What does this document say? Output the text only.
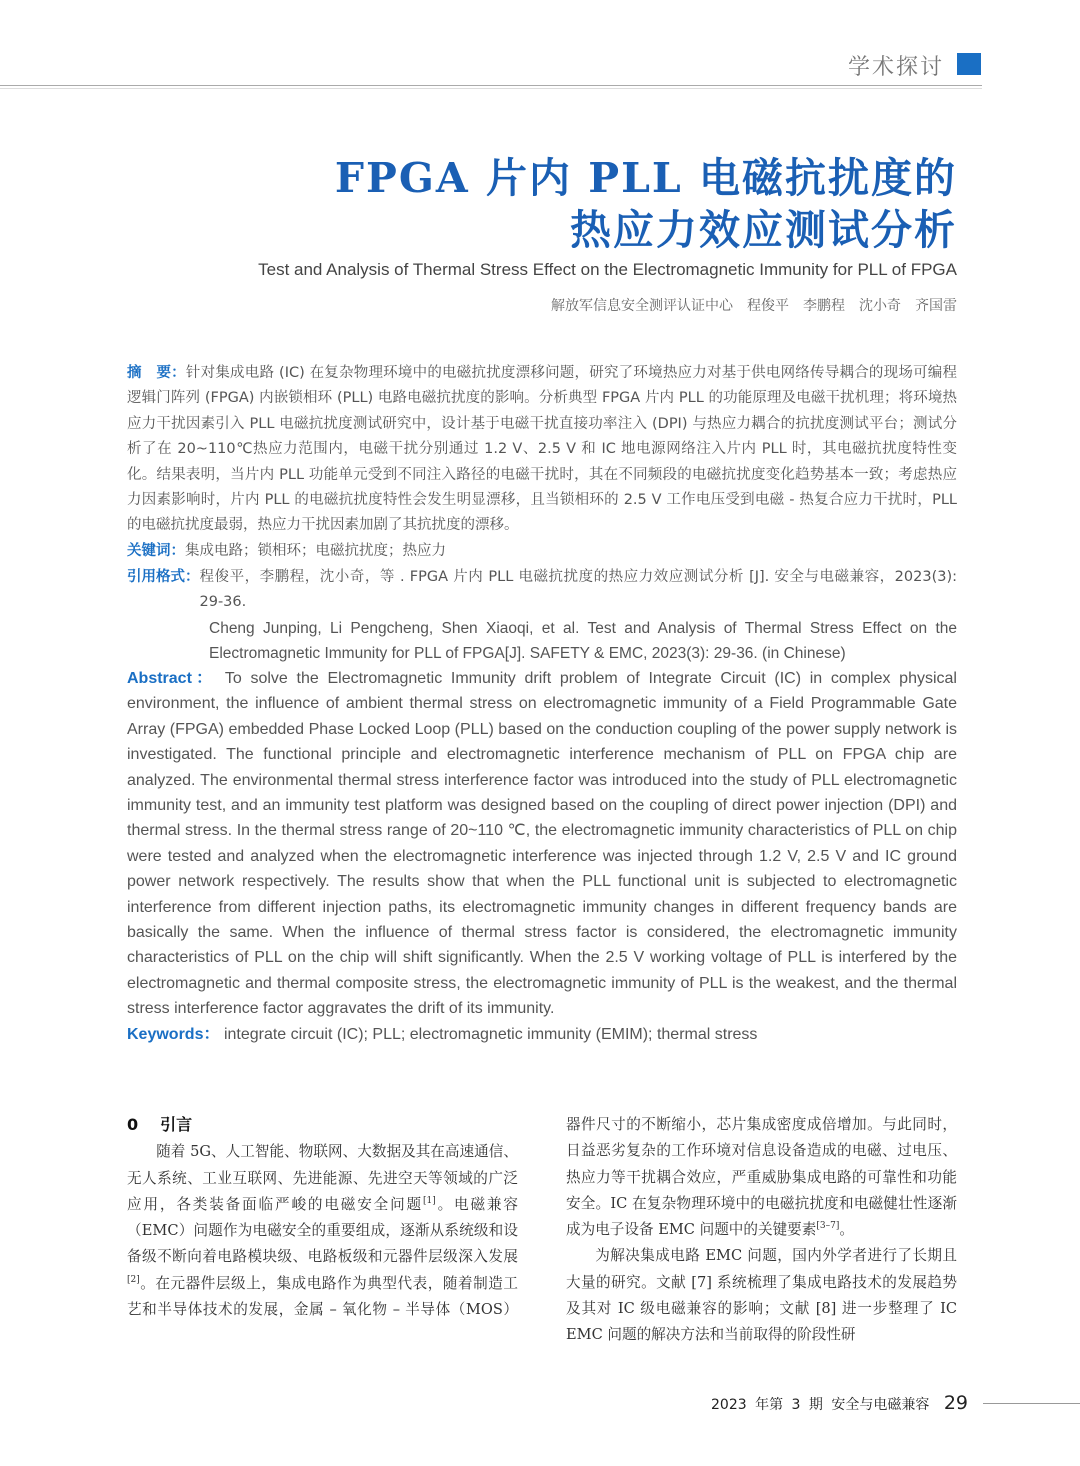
学术探讨
FPGA 片内 PLL 电磁抗扰度的
热应力效应测试分析
Test and Analysis of Thermal Stress Effect on the Electromagnetic Immunity for PLL of FPGA
解放军信息安全测评认证中心　程俊平　李鹏程　沈小奇　齐国雷
摘　要：针对集成电路 (IC) 在复杂物理环境中的电磁抗扰度漂移问题，研究了环境热应力对基于供电网络传导耦合的现场可编程逻辑门阵列 (FPGA) 内嵌锁相环 (PLL) 电路电磁抗扰度的影响。分析典型 FPGA 片内 PLL 的功能原理及电磁干扰机理；将环境热应力干扰因素引入 PLL 电磁抗扰度测试研究中，设计基于电磁干扰直接功率注入 (DPI) 与热应力耦合的抗扰度测试平台；测试分析了在 20~110℃热应力范围内，电磁干扰分别通过 1.2 V、2.5 V 和 IC 地电源网络注入片内 PLL 时，其电磁抗扰度特性变化。结果表明，当片内 PLL 功能单元受到不同注入路径的电磁干扰时，其在不同频段的电磁抗扰度变化趋势基本一致；考虑热应力因素影响时，片内 PLL 的电磁抗扰度特性会发生明显漂移，且当锁相环的 2.5 V 工作电压受到电磁 - 热复合应力干扰时，PLL 的电磁抗扰度最弱，热应力干扰因素加剧了其抗扰度的漂移。
关键词：集成电路；锁相环；电磁抗扰度；热应力
引用格式： 程俊平，李鹏程，沈小奇，等 . FPGA 片内 PLL 电磁抗扰度的热应力效应测试分析 [J]. 安全与电磁兼容，2023(3): 29-36.
Cheng Junping, Li Pengcheng, Shen Xiaoqi, et al. Test and Analysis of Thermal Stress Effect on the Electromagnetic Immunity for PLL of FPGA[J]. SAFETY & EMC, 2023(3): 29-36. (in Chinese)
Abstract： To solve the Electromagnetic Immunity drift problem of Integrate Circuit (IC) in complex physical environment, the influence of ambient thermal stress on electromagnetic immunity of a Field Programmable Gate Array (FPGA) embedded Phase Locked Loop (PLL) based on the conduction coupling of the power supply network is investigated. The functional principle and electromagnetic interference mechanism of PLL on FPGA chip are analyzed. The environmental thermal stress interference factor was introduced into the study of PLL electromagnetic immunity test, and an immunity test platform was designed based on the coupling of direct power injection (DPI) and thermal stress. In the thermal stress range of 20~110 ℃, the electromagnetic immunity characteristics of PLL on chip were tested and analyzed when the electromagnetic interference was injected through 1.2 V, 2.5 V and IC ground power network respectively. The results show that when the PLL functional unit is subjected to electromagnetic interference from different injection paths, its electromagnetic immunity changes in different frequency bands are basically the same. When the influence of thermal stress factor is considered, the electromagnetic immunity characteristics of PLL on the chip will shift significantly. When the 2.5 V working voltage of PLL is interfered by the electromagnetic and thermal composite stress, the electromagnetic immunity of PLL is the weakest, and the thermal stress interference factor aggravates the drift of its immunity.
Keywords： integrate circuit (IC); PLL; electromagnetic immunity (EMIM); thermal stress
0 引言

随着 5G、人工智能、物联网、大数据及其在高速通信、无人系统、工业互联网、先进能源、先进空天等领域的广泛应用，各类装备面临严峻的电磁安全问题[1]。电磁兼容（EMC）问题作为电磁安全的重要组成，逐渐从系统级和设备级不断向着电路模块级、电路板级和元器件层级深入发展[2]。在元器件层级上，集成电路作为典型代表，随着制造工艺和半导体技术的发展，金属 – 氧化物 – 半导体（MOS）器件尺寸的不断缩小，芯片集成密度成倍增加。与此同时，日益恶劣复杂的工作环境对信息设备造成的电磁、过电压、热应力等干扰耦合效应，严重威胁集成电路的可靠性和功能安全。IC 在复杂物理环境中的电磁抗扰度和电磁健壮性逐渐成为电子设备 EMC 问题中的关键要素[3–7]。

为解决集成电路 EMC 问题，国内外学者进行了长期且大量的研究。文献 [7] 系统梳理了集成电路技术的发展趋势及其对 IC 级电磁兼容的影响；文献 [8] 进一步整理了 IC EMC 问题的解决方法和当前取得的阶段性研

2023 年第 3 期 安全与电磁兼容 29
